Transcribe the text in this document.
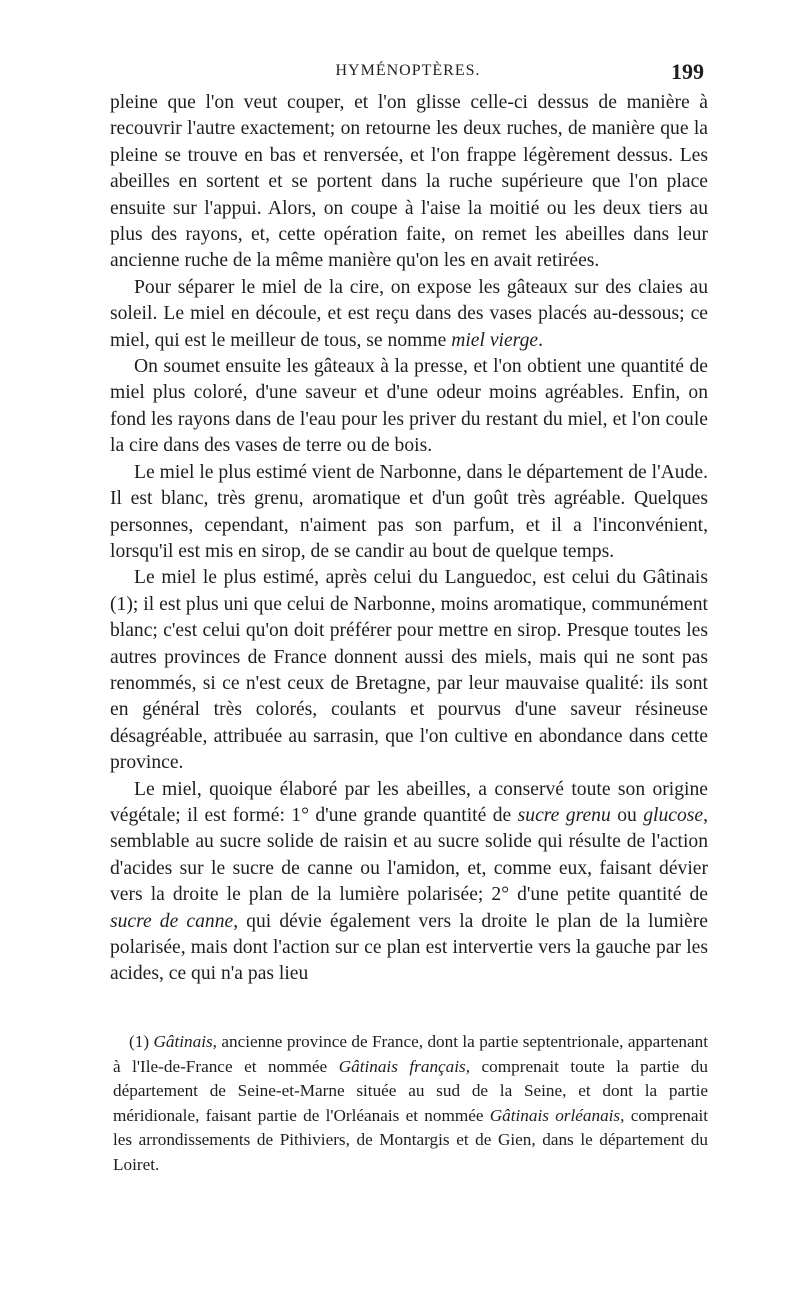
HYMÉNOPTÈRES.	199

pleine que l'on veut couper, et l'on glisse celle-ci dessus de manière à recouvrir l'autre exactement; on retourne les deux ruches, de manière que la pleine se trouve en bas et renversée, et l'on frappe légèrement dessus. Les abeilles en sortent et se portent dans la ruche supérieure que l'on place ensuite sur l'appui. Alors, on coupe à l'aise la moitié ou les deux tiers au plus des rayons, et, cette opération faite, on remet les abeilles dans leur ancienne ruche de la même manière qu'on les en avait retirées.

Pour séparer le miel de la cire, on expose les gâteaux sur des claies au soleil. Le miel en découle, et est reçu dans des vases placés au-dessous; ce miel, qui est le meilleur de tous, se nomme miel vierge.

On soumet ensuite les gâteaux à la presse, et l'on obtient une quantité de miel plus coloré, d'une saveur et d'une odeur moins agréables. Enfin, on fond les rayons dans de l'eau pour les priver du restant du miel, et l'on coule la cire dans des vases de terre ou de bois.

Le miel le plus estimé vient de Narbonne, dans le département de l'Aude. Il est blanc, très grenu, aromatique et d'un goût très agréable. Quelques personnes, cependant, n'aiment pas son parfum, et il a l'inconvénient, lorsqu'il est mis en sirop, de se candir au bout de quelque temps.

Le miel le plus estimé, après celui du Languedoc, est celui du Gâtinais (1); il est plus uni que celui de Narbonne, moins aromatique, communément blanc; c'est celui qu'on doit préférer pour mettre en sirop. Presque toutes les autres provinces de France donnent aussi des miels, mais qui ne sont pas renommés, si ce n'est ceux de Bretagne, par leur mauvaise qualité: ils sont en général très colorés, coulants et pourvus d'une saveur résineuse désagréable, attribuée au sarrasin, que l'on cultive en abondance dans cette province.

Le miel, quoique élaboré par les abeilles, a conservé toute son origine végétale; il est formé: 1° d'une grande quantité de sucre grenu ou glucose, semblable au sucre solide de raisin et au sucre solide qui résulte de l'action d'acides sur le sucre de canne ou l'amidon, et, comme eux, faisant dévier vers la droite le plan de la lumière polarisée; 2° d'une petite quantité de sucre de canne, qui dévie également vers la droite le plan de la lumière polarisée, mais dont l'action sur ce plan est intervertie vers la gauche par les acides, ce qui n'a pas lieu

(1) Gâtinais, ancienne province de France, dont la partie septentrionale, appartenant à l'Ile-de-France et nommée Gâtinais français, comprenait toute la partie du département de Seine-et-Marne située au sud de la Seine, et dont la partie méridionale, faisant partie de l'Orléanais et nommée Gâtinais orléanais, comprenait les arrondissements de Pithiviers, de Montargis et de Gien, dans le département du Loiret.
